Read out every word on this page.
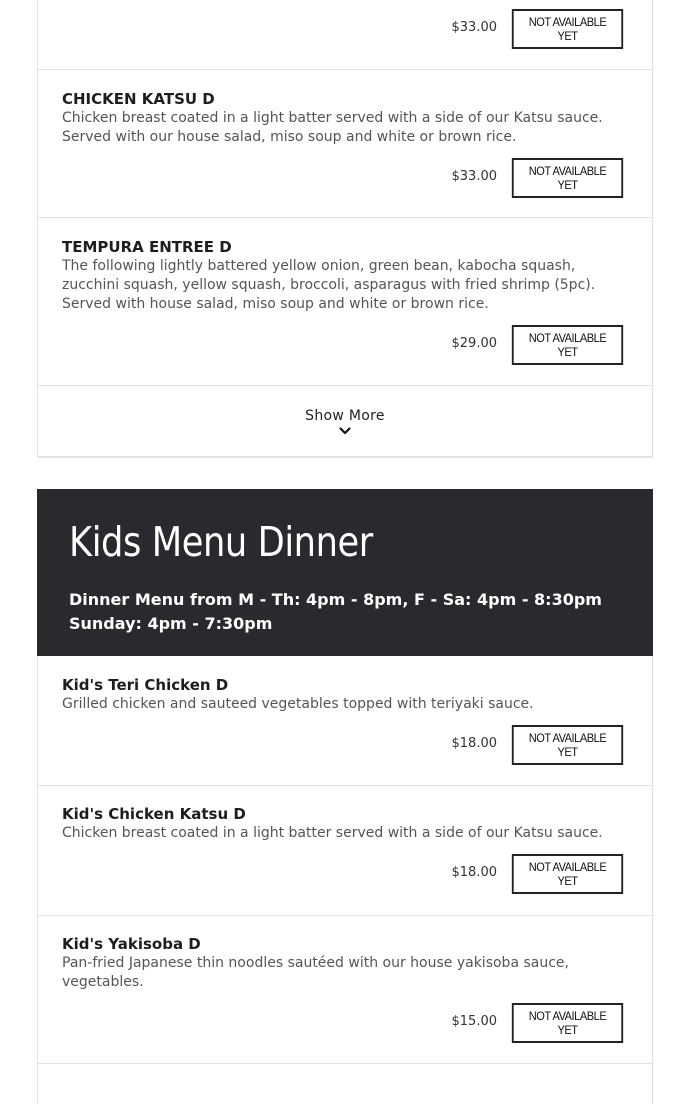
$33.00	NOT AVAILABLE YET
CHICKEN KATSU D
Chicken breast coated in a light batter served with a side of our Katsu sauce. Served with our house salad, miso soup and white or brown rice.
$33.00	NOT AVAILABLE YET
TEMPURA ENTREE D
The following lightly battered yellow onion, green bean, kabocha squash, zucchini squash, yellow squash, broccoli, asparagus with fried shrimp (5pc). Served with house salad, miso soup and white or brown rice.
$29.00	NOT AVAILABLE YET
Show More
Kids Menu Dinner
Dinner Menu from M - Th: 4pm - 8pm, F - Sa: 4pm - 8:30pm Sunday: 4pm - 7:30pm
Kid's Teri Chicken D
Grilled chicken and sauteed vegetables topped with teriyaki sauce.
$18.00	NOT AVAILABLE YET
Kid's Chicken Katsu D
Chicken breast coated in a light batter served with a side of our Katsu sauce.
$18.00	NOT AVAILABLE YET
Kid's Yakisoba D
Pan-fried Japanese thin noodles sautéed with our house yakisoba sauce, vegetables.
$15.00	NOT AVAILABLE YET
